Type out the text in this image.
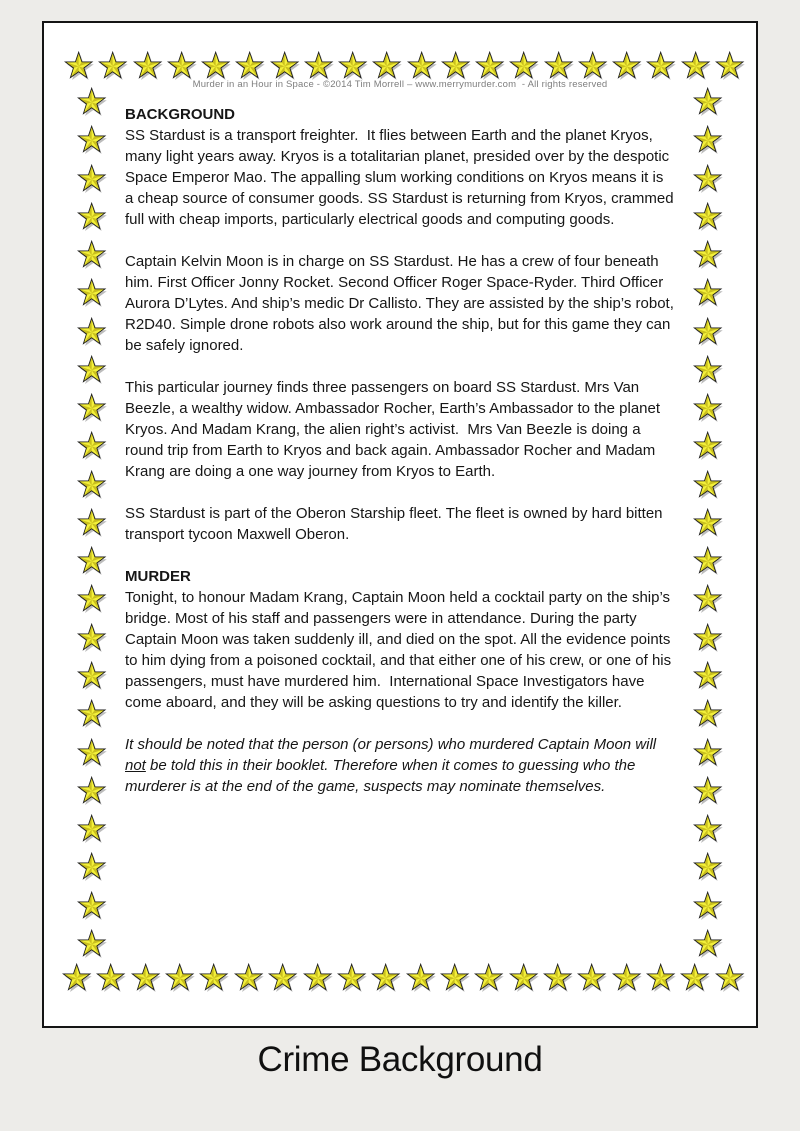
Murder in an Hour in Space - ©2014 Tim Morrell – www.merrymurder.com  - All rights reserved
BACKGROUND

SS Stardust is a transport freighter.  It flies between Earth and the planet Kryos, many light years away. Kryos is a totalitarian planet, presided over by the despotic Space Emperor Mao. The appalling slum working conditions on Kryos means it is a cheap source of consumer goods. SS Stardust is returning from Kryos, crammed full with cheap imports, particularly electrical goods and computing goods.

Captain Kelvin Moon is in charge on SS Stardust. He has a crew of four beneath him. First Officer Jonny Rocket. Second Officer Roger Space-Ryder. Third Officer Aurora D’Lytes. And ship’s medic Dr Callisto. They are assisted by the ship’s robot, R2D40. Simple drone robots also work around the ship, but for this game they can be safely ignored.

This particular journey finds three passengers on board SS Stardust. Mrs Van Beezle, a wealthy widow. Ambassador Rocher, Earth’s Ambassador to the planet Kryos. And Madam Krang, the alien right’s activist.  Mrs Van Beezle is doing a round trip from Earth to Kryos and back again. Ambassador Rocher and Madam Krang are doing a one way journey from Kryos to Earth.

SS Stardust is part of the Oberon Starship fleet. The fleet is owned by hard bitten transport tycoon Maxwell Oberon.

MURDER

Tonight, to honour Madam Krang, Captain Moon held a cocktail party on the ship’s bridge. Most of his staff and passengers were in attendance. During the party Captain Moon was taken suddenly ill, and died on the spot. All the evidence points to him dying from a poisoned cocktail, and that either one of his crew, or one of his passengers, must have murdered him.  International Space Investigators have come aboard, and they will be asking questions to try and identify the killer.

It should be noted that the person (or persons) who murdered Captain Moon will not be told this in their booklet. Therefore when it comes to guessing who the murderer is at the end of the game, suspects may nominate themselves.

Crime Background
